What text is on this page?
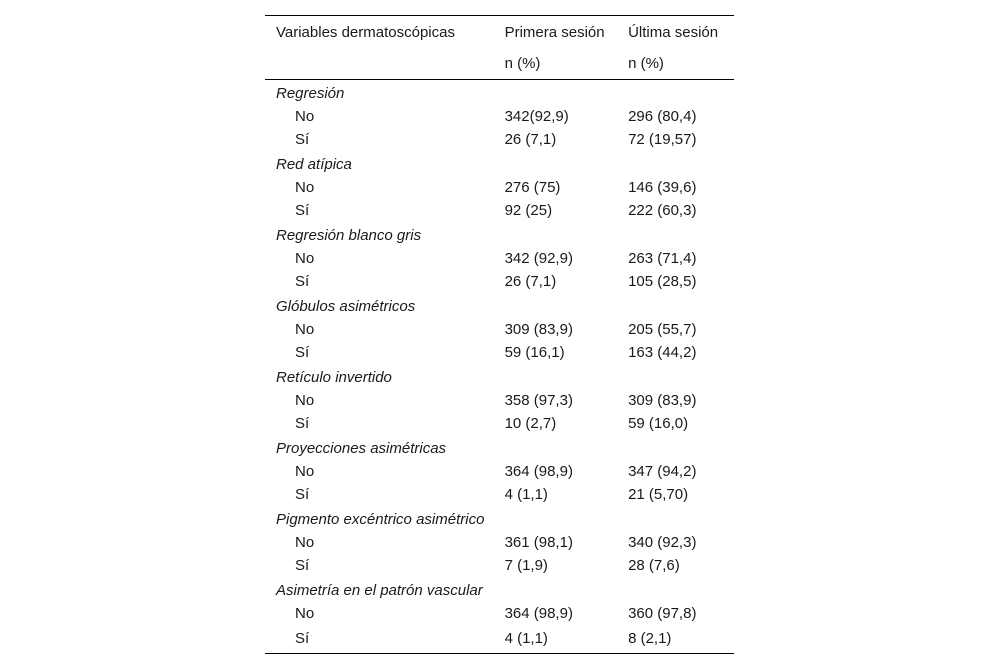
Variables dermatoscópicas	Primera sesión	Última sesión
	n (%)	n (%)
Regresión		
No	342(92,9)	296 (80,4)
Sí	26 (7,1)	72 (19,57)
Red atípica		
No	276 (75)	146 (39,6)
Sí	92 (25)	222 (60,3)
Regresión blanco gris		
No	342 (92,9)	263 (71,4)
Sí	26 (7,1)	105 (28,5)
Glóbulos asimétricos		
No	309 (83,9)	205 (55,7)
Sí	59 (16,1)	163 (44,2)
Retículo invertido		
No	358 (97,3)	309 (83,9)
Sí	10 (2,7)	59 (16,0)
Proyecciones asimétricas		
No	364 (98,9)	347 (94,2)
Sí	4 (1,1)	21 (5,70)
Pigmento excéntrico asimétrico		
No	361 (98,1)	340 (92,3)
Sí	7 (1,9)	28 (7,6)
Asimetría en el patrón vascular		
No	364 (98,9)	360 (97,8)
Sí	4 (1,1)	8 (2,1)
